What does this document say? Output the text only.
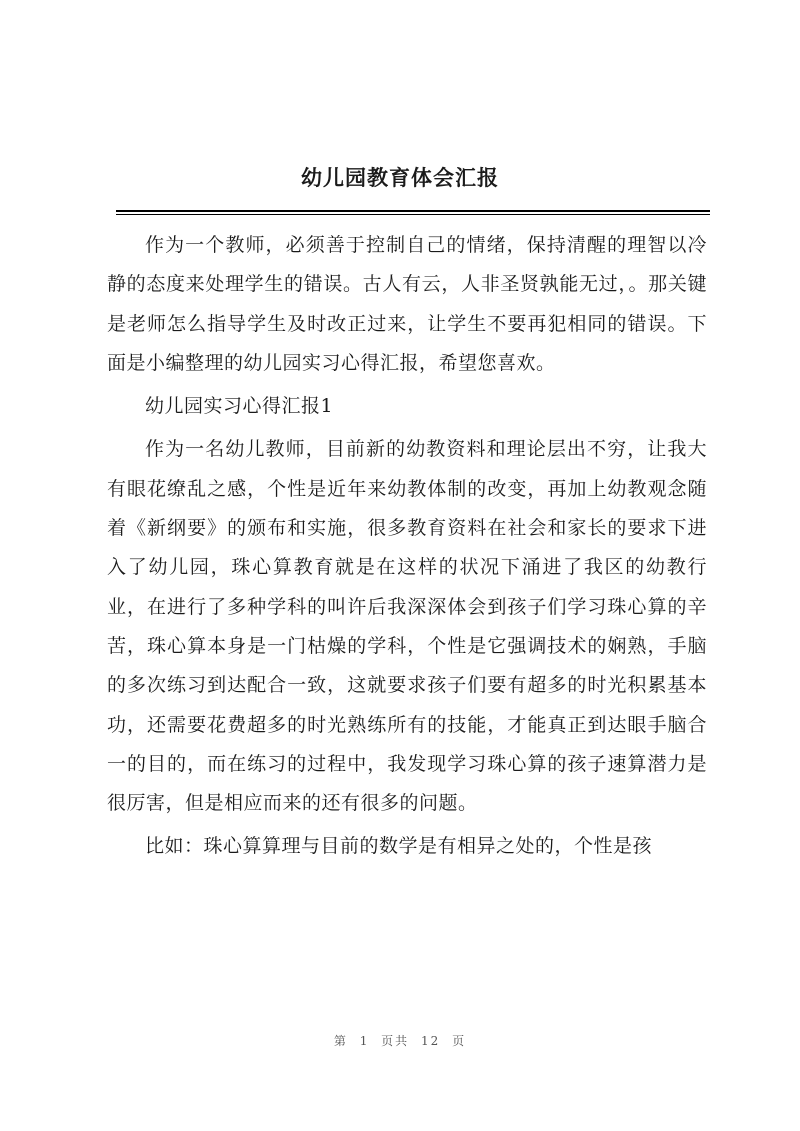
幼儿园教育体会汇报

作为一个教师，必须善于控制自己的情绪，保持清醒的理智以冷静的态度来处理学生的错误。古人有云，人非圣贤孰能无过，。那关键是老师怎么指导学生及时改正过来，让学生不要再犯相同的错误。下面是小编整理的幼儿园实习心得汇报，希望您喜欢。

幼儿园实习心得汇报1

作为一名幼儿教师，目前新的幼教资料和理论层出不穷，让我大有眼花缭乱之感，个性是近年来幼教体制的改变，再加上幼教观念随着《新纲要》的颁布和实施，很多教育资料在社会和家长的要求下进入了幼儿园，珠心算教育就是在这样的状况下涌进了我区的幼教行业，在进行了多种学科的叫许后我深深体会到孩子们学习珠心算的辛苦，珠心算本身是一门枯燥的学科，个性是它强调技术的娴熟，手脑的多次练习到达配合一致，这就要求孩子们要有超多的时光积累基本功，还需要花费超多的时光熟练所有的技能，才能真正到达眼手脑合一的目的，而在练习的过程中，我发现学习珠心算的孩子速算潜力是很厉害，但是相应而来的还有很多的问题。

比如：珠心算算理与目前的数学是有相异之处的，个性是孩

第 1 页共 12 页
